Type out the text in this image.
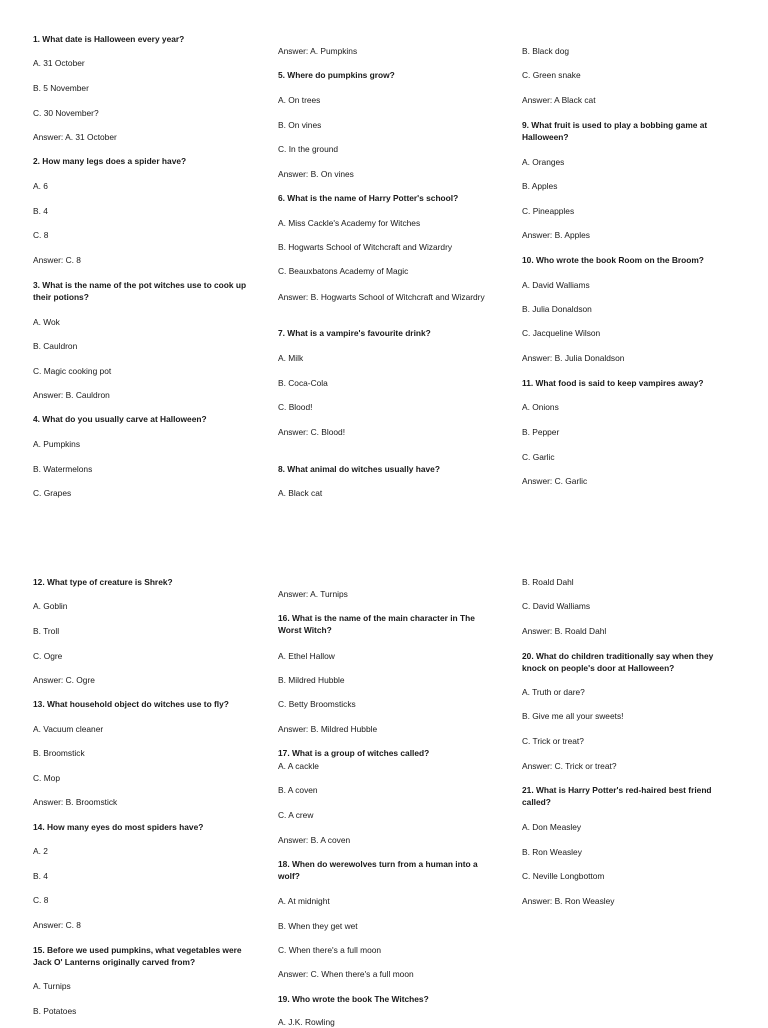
1. What date is Halloween every year?

A. 31 October

B. 5 November

C. 30 November?

Answer: A. 31 October

2. How many legs does a spider have?

A. 6

B. 4

C. 8

Answer: C. 8

3. What is the name of the pot witches use to cook up their potions?

A. Wok

B. Cauldron

C. Magic cooking pot

Answer: B. Cauldron

4. What do you usually carve at Halloween?

A. Pumpkins

B. Watermelons

C. Grapes

Answer: A. Pumpkins

5. Where do pumpkins grow?

A. On trees

B. On vines

C. In the ground

Answer: B. On vines

6. What is the name of Harry Potter's school?

A. Miss Cackle's Academy for Witches

B. Hogwarts School of Witchcraft and Wizardry

C. Beauxbatons Academy of Magic

Answer: B. Hogwarts School of Witchcraft and Wizardry

7. What is a vampire's favourite drink?

A. Milk

B. Coca-Cola

C. Blood!

Answer: C. Blood!

8. What animal do witches usually have?

A. Black cat

B. Black dog

C. Green snake

Answer: A Black cat

9. What fruit is used to play a bobbing game at Halloween?

A. Oranges

B. Apples

C. Pineapples

Answer: B. Apples

10. Who wrote the book Room on the Broom?

A. David Walliams

B. Julia Donaldson

C. Jacqueline Wilson

Answer: B. Julia Donaldson

11. What food is said to keep vampires away?

A. Onions

B. Pepper

C. Garlic

Answer: C. Garlic

12. What type of creature is Shrek?

A. Goblin

B. Troll

C. Ogre

Answer: C. Ogre

13. What household object do witches use to fly?

A. Vacuum cleaner

B. Broomstick

C. Mop

Answer: B. Broomstick

14. How many eyes do most spiders have?

A. 2

B. 4

C. 8

Answer: C. 8

15. Before we used pumpkins, what vegetables were Jack O' Lanterns originally carved from?

A. Turnips

B. Potatoes

Answer: A. Turnips

16. What is the name of the main character in The Worst Witch?

A. Ethel Hallow

B. Mildred Hubble

C. Betty Broomsticks

Answer: B. Mildred Hubble

17. What is a group of witches called?

A. A cackle

B. A coven

C. A crew

Answer: B. A coven

18. When do werewolves turn from a human into a wolf?

A. At midnight

B. When they get wet

C. When there's a full moon

Answer: C. When there's a full moon

19. Who wrote the book The Witches?

A. J.K. Rowling

B. Roald Dahl

C. David Walliams

Answer: B. Roald Dahl

20. What do children traditionally say when they knock on people's door at Halloween?

A. Truth or dare?

B. Give me all your sweets!

C. Trick or treat?

Answer: C. Trick or treat?

21. What is Harry Potter's red-haired best friend called?

A. Don Measley

B. Ron Weasley

C. Neville Longbottom

Answer: B. Ron Weasley
